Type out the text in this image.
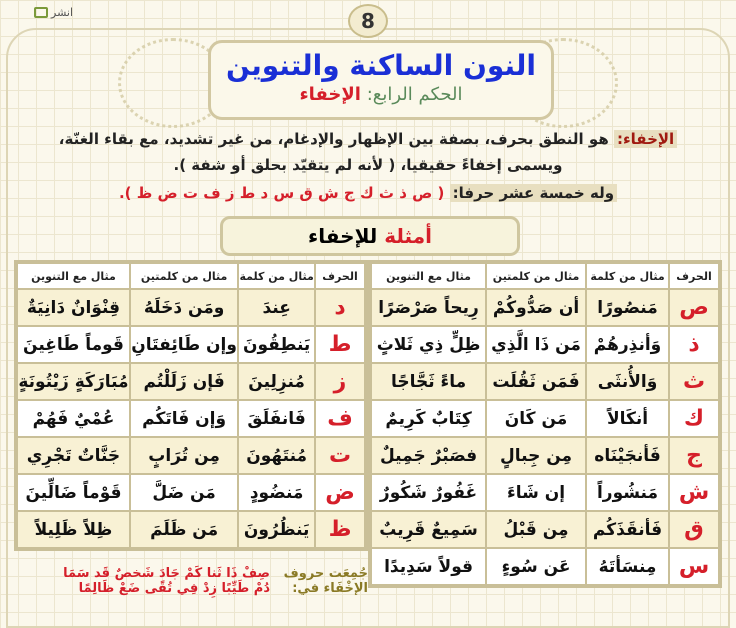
انشر	8
النون الساكنة والتنوين
الحكم الرابع: الإخفاء
الإخفاء: هو النطق بحرف، بصفة بين الإظهار والإدغام، من غير تشديد، مع بقاء الغنّة،
ويسمى إخفاءً حقيقيا، ( لأنه لم يتقيّد بحلق أو شفة ).
وله خمسة عشر حرفا: ( ص ذ ث ك ج ش ق س د ط ز ف ت ض ظ ).
أمثلة للإخفاء
الحرف	مثال من كلمة	مثال من كلمتين	مثال مع التنوين
ص	مَنصُورًا	أن صَدُّوكُمْ	رِيحاً صَرْصَرًا
ذ	وَأنذِرهُمْ	مَن ذَا الَّذِي	ظِلٍّ ذِي ثَلاثٍ
ث	وَالأُنثَى	فَمَن ثَقُلَت	ماءً ثَجَّاجًا
ك	أنكَالاً	مَن كَانَ	كِتَابٌ كَرِيمٌ
ج	فَأنجَيْنَاه	مِن جِبالٍ	فصَبْرٌ جَمِيلٌ
ش	مَنشُوراً	إن شَاءَ	غَفُورٌ شَكُورٌ
ق	فَأنقَذَكُم	مِن قَبْلُ	سَمِيعٌ قَرِيبٌ
س	مِنسَأتَهُ	عَن سُوءٍ	قولاً سَدِيدًا
الحرف	مثال من كلمة	مثال من كلمتين	مثال مع التنوين
د	عِندَ	ومَن دَخَلَهُ	قِنْوَانٌ دَانِيَةٌ
ط	يَنطِقُونَ	وإن طَائِفتَانِ	قَوماً طَاغِينَ
ز	مُنزِلِينَ	فَإن زَلَلْتُم	مُبَارَكَةٍ زَيْتُونَةٍ
ف	فَانفَلَقَ	وَإن فَاتَكُم	عُمْيٌ فَهُمْ
ت	مُنتَهُونَ	مِن تُرَابٍ	جَنَّاتٌ تَجْرِي
ض	مَنضُودٍ	مَن ضَلَّ	قَوْماً ضَالِّينَ
ظ	يَنظُرُونَ	مَن ظَلَمَ	ظِلاً ظَلِيلاً
جُمِعَت حروف الإخْفَاء في:
صِفْ ذَا ثَنا كَمْ جَادَ شَخصٌ قَد سَمَا
دُمْ طَيِّبًا زِدْ فِي تُقًى ضَعْ ظَالِمًا
